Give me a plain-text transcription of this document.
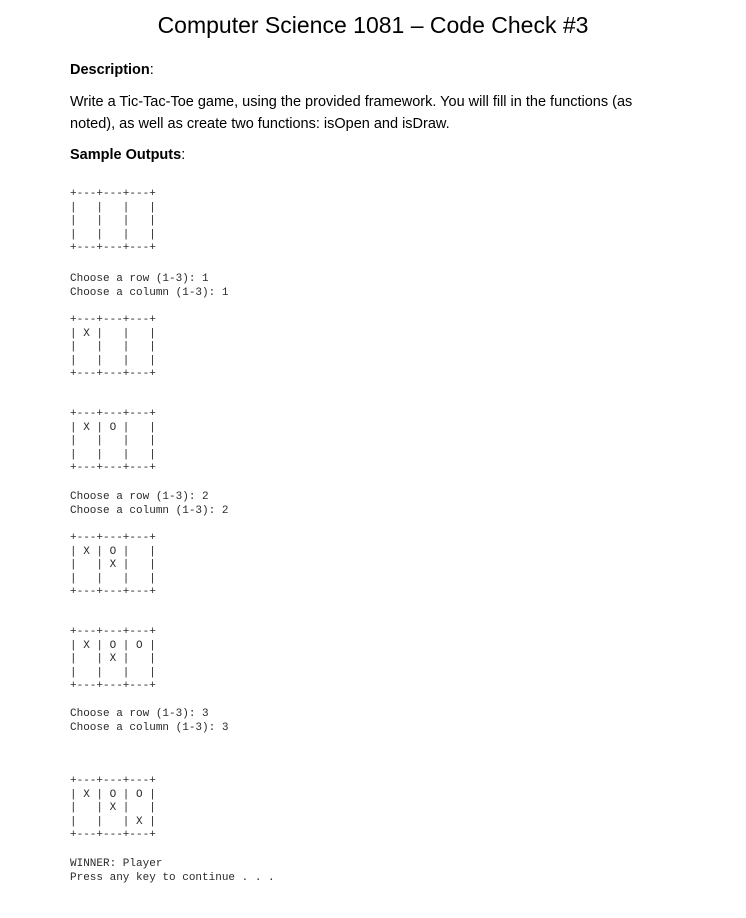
Computer Science 1081 – Code Check #3
Description:

Write a Tic-Tac-Toe game, using the provided framework. You will fill in the functions (as

noted), as well as create two functions: isOpen and isDraw.

Sample Outputs:
+---+---+---+
|   |   |   |
|   |   |   |
|   |   |   |
+---+---+---+
Choose a row (1-3): 1
Choose a column (1-3): 1
+---+---+---+
| X |   |   |
|   |   |   |
|   |   |   |
+---+---+---+
+---+---+---+
| X | O |   |
|   |   |   |
|   |   |   |
+---+---+---+
Choose a row (1-3): 2
Choose a column (1-3): 2
+---+---+---+
| X | O |   |
|   | X |   |
|   |   |   |
+---+---+---+
+---+---+---+
| X | O | O |
|   | X |   |
|   |   |   |
+---+---+---+
Choose a row (1-3): 3
Choose a column (1-3): 3
+---+---+---+
| X | O | O |
|   | X |   |
|   |   | X |
+---+---+---+
WINNER: Player
Press any key to continue . . .
